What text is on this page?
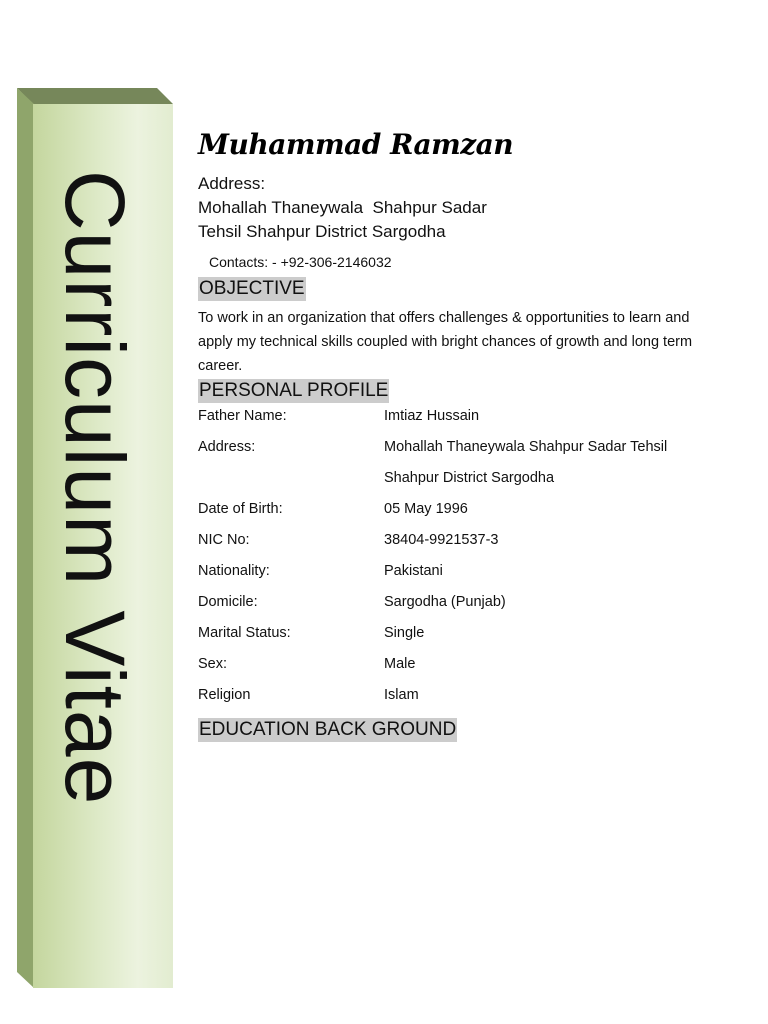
Curriculum Vitae
Muhammad Ramzan
Address:
Mohallah Thaneywala  Shahpur Sadar
Tehsil Shahpur District Sargodha
Contacts: - +92-306-2146032
OBJECTIVE
To work in an organization that offers challenges & opportunities to learn and apply my technical skills coupled with bright chances of growth and long term career.
PERSONAL PROFILE
Father Name:	Imtiaz Hussain
Address:	Mohallah Thaneywala Shahpur Sadar Tehsil
Shahpur District Sargodha
Date of Birth:	05 May 1996
NIC No:	38404-9921537-3
Nationality:	Pakistani
Domicile:	Sargodha (Punjab)
Marital Status:	Single
Sex:	Male
Religion	Islam
EDUCATION BACK GROUND
